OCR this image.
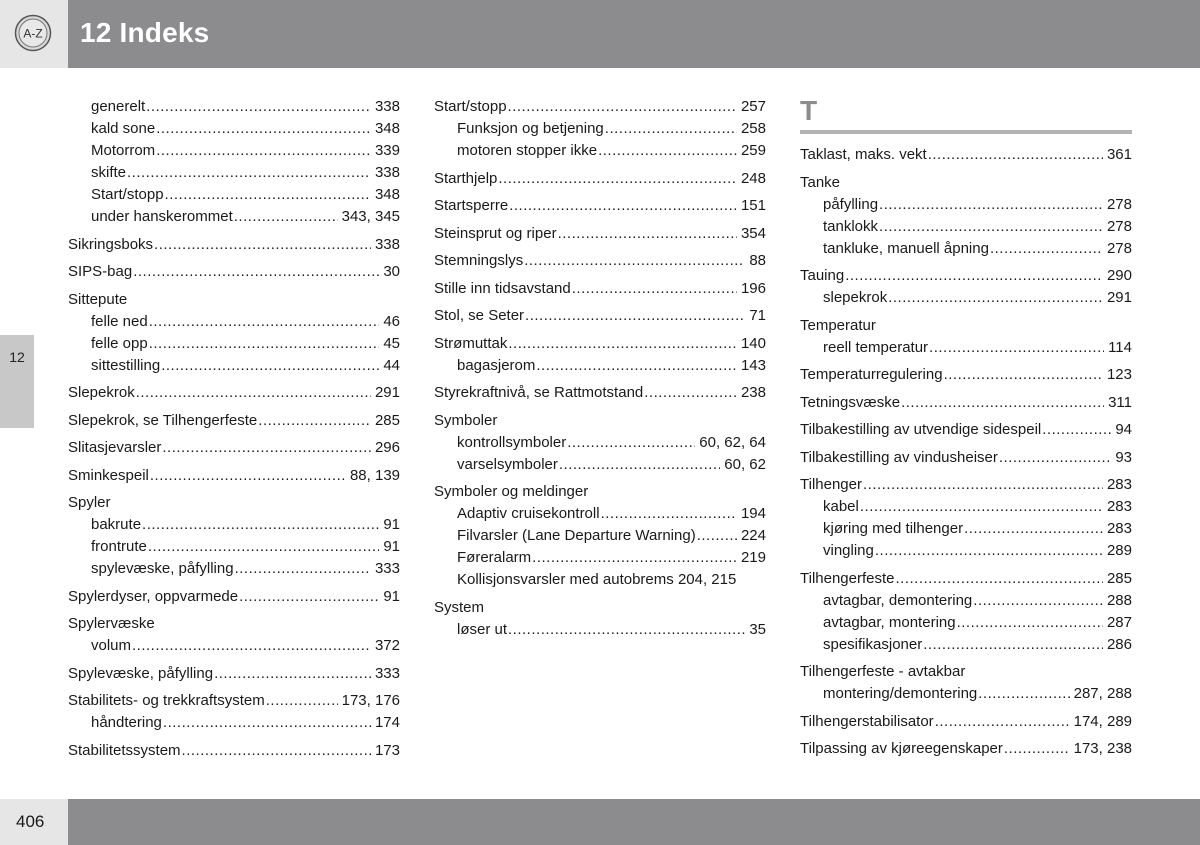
A-Z 12 Indeks
12
generelt .....	338
kald sone .....	348
Motorrom .....	339
skifte .....	338
Start/stopp .....	348
under hanskerommet .....	343, 345
Sikringsboks .....	338
SIPS-bag .....	30
Sittepute
felle ned .....	46
felle opp .....	45
sittestilling .....	44
Slepekrok .....	291
Slepekrok, se Tilhengerfeste .....	285
Slitasjevarsler .....	296
Sminkespeil .....	88, 139
Spyler
bakrute .....	91
frontrute .....	91
spylevæske, påfylling .....	333
Spylerdyser, oppvarmede .....	91
Spylervæske
volum .....	372
Spylevæske, påfylling .....	333
Stabilitets- og trekkraftsystem .....	173, 176
håndtering .....	174
Stabilitetssystem .....	173
Start/stopp .....	257
Funksjon og betjening .....	258
motoren stopper ikke .....	259
Starthjelp .....	248
Startsperre .....	151
Steinsprut og riper .....	354
Stemningslys .....	88
Stille inn tidsavstand .....	196
Stol, se Seter .....	71
Strømuttak .....	140
bagasjerom .....	143
Styrekraftnivå, se Rattmotstand .....	238
Symboler
kontrollsymboler .....	60, 62, 64
varselsymboler .....	60, 62
Symboler og meldinger
Adaptiv cruisekontroll .....	194
Filvarsler (Lane Departure Warning) .....	224
Føreralarm .....	219
Kollisjonsvarsler med autobrems 204, 215
System
løser ut .....	35
T
Taklast, maks. vekt .....	361
Tanke
påfylling .....	278
tanklokk .....	278
tankluke, manuell åpning .....	278
Tauing .....	290
slepekrok .....	291
Temperatur
reell temperatur .....	114
Temperaturregulering .....	123
Tetningsvæske .....	311
Tilbakestilling av utvendige sidespeil .....	94
Tilbakestilling av vindusheiser .....	93
Tilhenger .....	283
kabel .....	283
kjøring med tilhenger .....	283
vingling .....	289
Tilhengerfeste .....	285
avtagbar, demontering .....	288
avtagbar, montering .....	287
spesifikasjoner .....	286
Tilhengerfeste - avtakbar
montering/demontering .....	287, 288
Tilhengerstabilisator .....	174, 289
Tilpassing av kjøreegenskaper .....	173, 238
406
